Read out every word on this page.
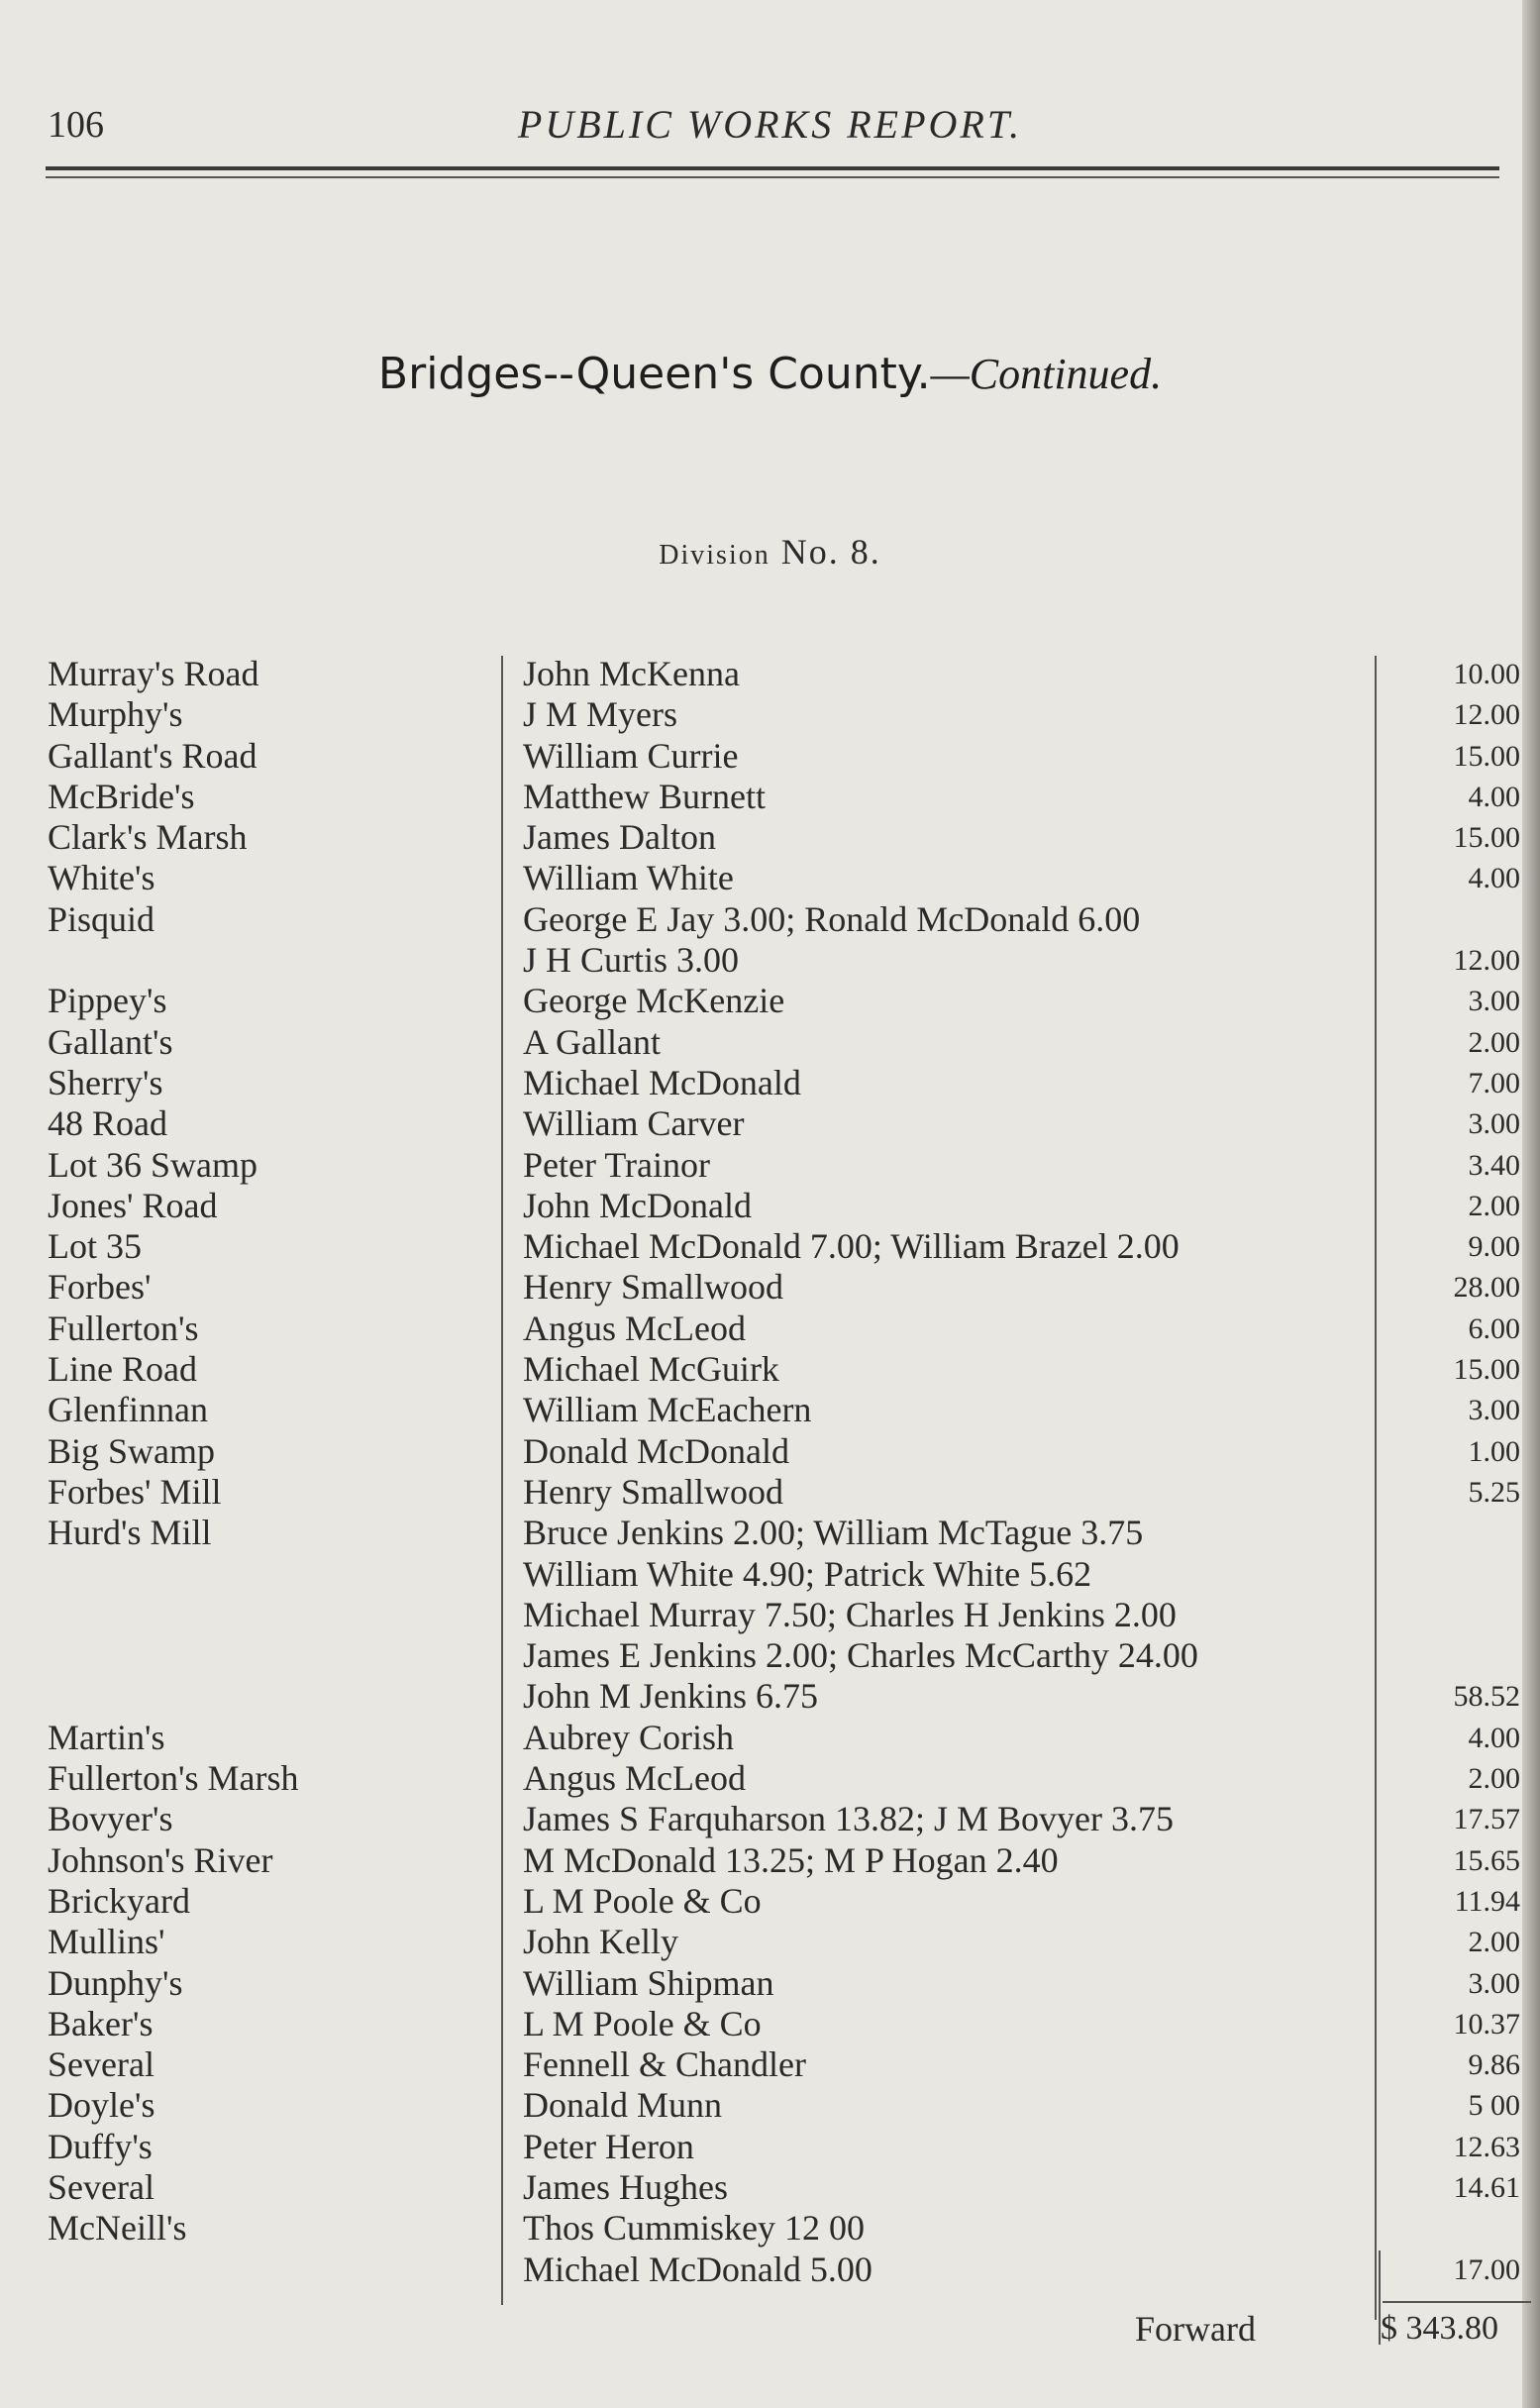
106	PUBLIC WORKS REPORT.
Bridges--Queen's County.—Continued.
Division No. 8.
Murray's Road
Murphy's
Gallant's Road
McBride's
Clark's Marsh
White's
Pisquid
Pippey's
Gallant's
Sherry's
48 Road
Lot 36 Swamp
Jones' Road
Lot 35
Forbes'
Fullerton's
Line Road
Glenfinnan
Big Swamp
Forbes' Mill
Hurd's Mill
Martin's
Fullerton's Marsh
Bovyer's
Johnson's River
Brickyard
Mullins'
Dunphy's
Baker's
Several
Doyle's
Duffy's
Several
McNeill's
John McKenna
J M Myers
William Currie
Matthew Burnett
James Dalton
William White
George E Jay 3.00; Ronald McDonald 6.00
J H Curtis 3.00
George McKenzie
A Gallant
Michael McDonald
William Carver
Peter Trainor
John McDonald
Michael McDonald 7.00; William Brazel 2.00
Henry Smallwood
Angus McLeod
Michael McGuirk
William McEachern
Donald McDonald
Henry Smallwood
Bruce Jenkins 2.00; William McTague 3.75
William White 4.90; Patrick White 5.62
Michael Murray 7.50; Charles H Jenkins 2.00
James E Jenkins 2.00; Charles McCarthy 24.00
John M Jenkins 6.75
Aubrey Corish
Angus McLeod
James S Farquharson 13.82; J M Bovyer 3.75
M McDonald 13.25; M P Hogan 2.40
L M Poole & Co
John Kelly
William Shipman
L M Poole & Co
Fennell & Chandler
Donald Munn
Peter Heron
James Hughes
Thos Cummiskey 12 00
Michael McDonald 5.00
10.00
12.00
15.00
4.00
15.00
4.00
12.00
3.00
2.00
7.00
3.00
3.40
2.00
9.00
28.00
6.00
15.00
3.00
1.00
5.25
58.52
4.00
2.00
17.57
15.65
11.94
2.00
3.00
10.37
9.86
5 00
12.63
14.61
17.00
Forward	$ 343.80
